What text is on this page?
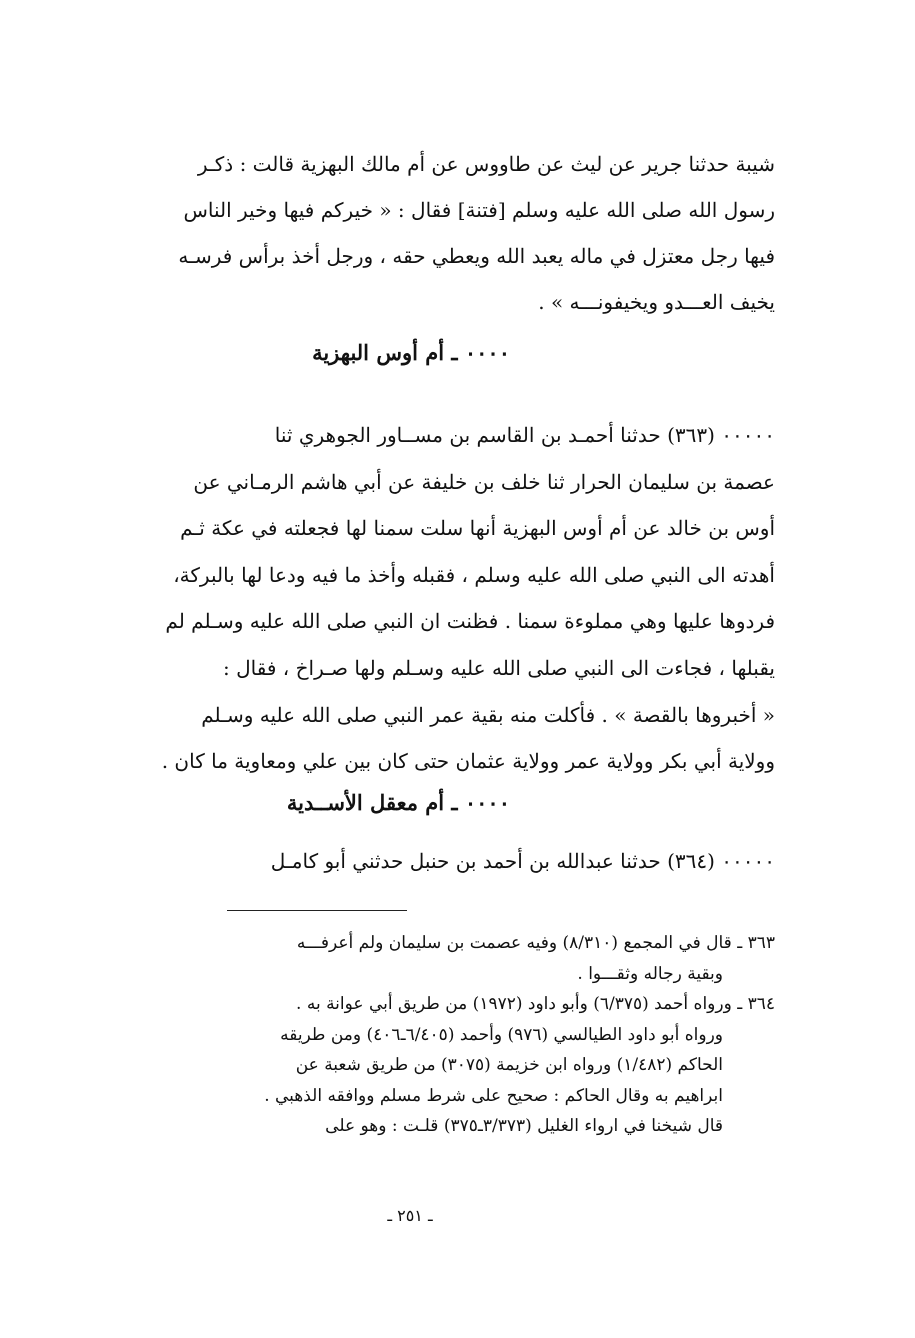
شيبة حدثنا جرير عن ليث عن طاووس عن أم مالك البهزية قالت : ذكـر
رسول الله صلى الله عليه وسلم [فتنة] فقال : « خيركم فيها وخير الناس
فيها رجل معتزل في ماله يعبد الله ويعطي حقه ، ورجل أخذ برأس فرسـه
يخيف العـــدو ويخيفونـــه » .
٠٠٠٠ ـ أم أوس البهزية
٠٠٠٠٠ (٣٦٣) حدثنا أحمـد بن القاسم بن مســاور الجوهري ثنا
عصمة بن سليمان الحرار ثنا خلف بن خليفة عن أبي هاشم الرمـاني عن
أوس بن خالد عن أم أوس البهزية أنها سلت سمنا لها فجعلته في عكة ثـم
أهدته الى النبي صلى الله عليه وسلم ، فقبله وأخذ ما فيه ودعا لها بالبركة،
فردوها عليها وهي مملوءة سمنا . فظنت ان النبي صلى الله عليه وسـلم لم
يقبلها ، فجاءت الى النبي صلى الله عليه وسـلم ولها صـراخ ، فقال :
« أخبروها بالقصة » . فأكلت منه بقية عمر النبي صلى الله عليه وسـلم
وولاية أبي بكر وولاية عمر وولاية عثمان حتى كان بين علي ومعاوية ما كان .
٠٠٠٠ ـ أم معقل الأســدية
٠٠٠٠٠ (٣٦٤) حدثنا عبدالله بن أحمد بن حنبل حدثني أبو كامـل
٣٦٣ ـ قال في المجمع (٨/٣١٠) وفيه عصمت بن سليمان ولم أعرفـــه
وبقية رجاله وثقـــوا .
٣٦٤ ـ ورواه أحمد (٦/٣٧٥) وأبو داود (١٩٧٢) من طريق أبي عوانة به .
ورواه أبو داود الطيالسي (٩٧٦) وأحمد (٦/٤٠٥ـ٤٠٦) ومن طريقه
الحاكم (١/٤٨٢) ورواه ابن خزيمة (٣٠٧٥) من طريق شعبة عن
ابراهيم به وقال الحاكم : صحيح على شرط مسلم ووافقه الذهبي .
قال شيخنا في ارواء الغليل (٣/٣٧٣ـ٣٧٥) قلـت : وهو على
ـ ٢٥١ ـ
